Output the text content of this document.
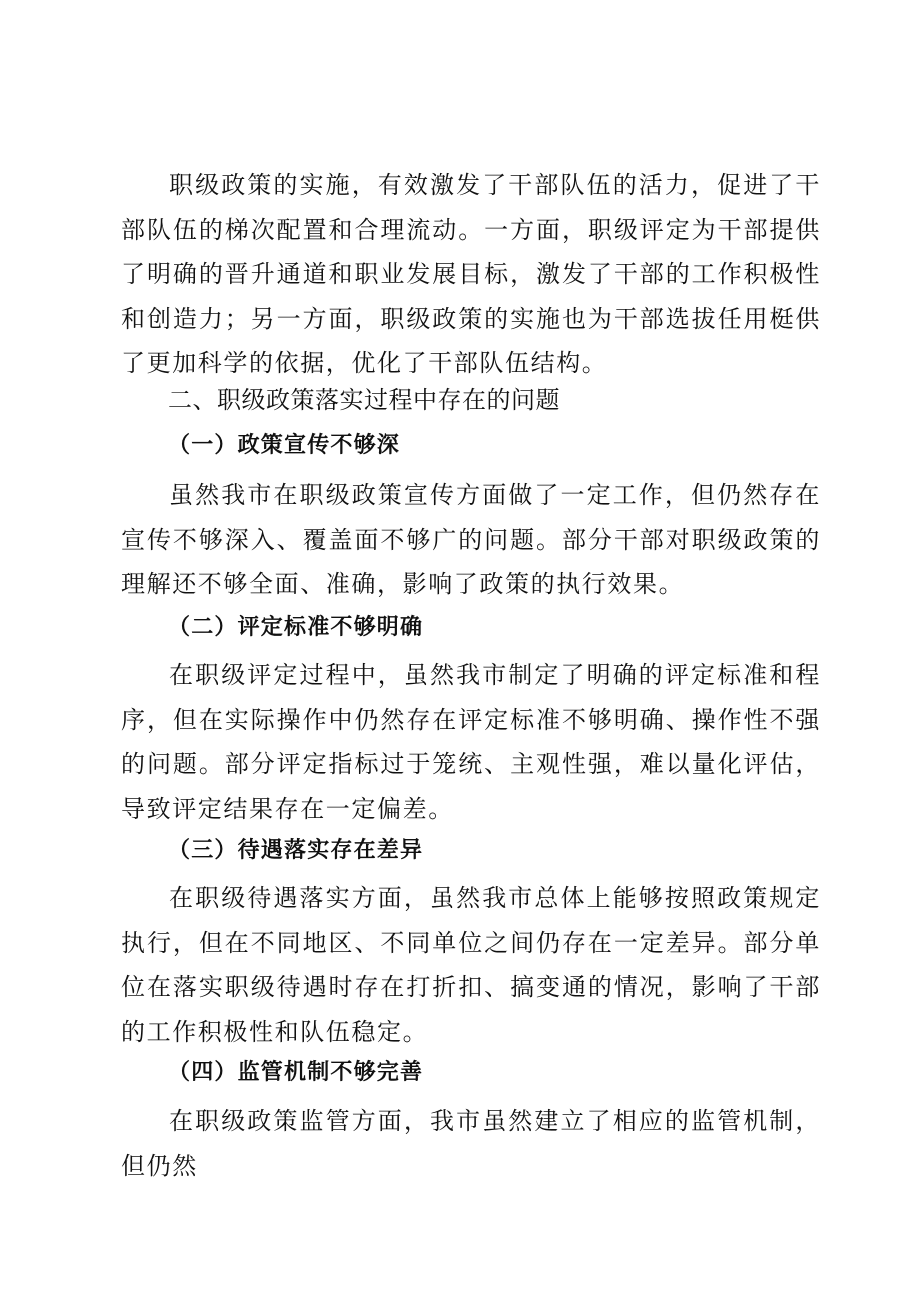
职级政策的实施，有效激发了干部队伍的活力，促进了干部队伍的梯次配置和合理流动。一方面，职级评定为干部提供了明确的晋升通道和职业发展目标，激发了干部的工作积极性和创造力；另一方面，职级政策的实施也为干部选拔任用梃供了更加科学的依据，优化了干部队伍结构。

二、职级政策落实过程中存在的问题

（一）政策宣传不够深

虽然我市在职级政策宣传方面做了一定工作，但仍然存在宣传不够深入、覆盖面不够广的问题。部分干部对职级政策的理解还不够全面、准确，影响了政策的执行效果。

（二）评定标准不够明确

在职级评定过程中，虽然我市制定了明确的评定标准和程序，但在实际操作中仍然存在评定标准不够明确、操作性不强的问题。部分评定指标过于笼统、主观性强，难以量化评估，导致评定结果存在一定偏差。

（三）待遇落实存在差异

在职级待遇落实方面，虽然我市总体上能够按照政策规定执行，但在不同地区、不同单位之间仍存在一定差异。部分单位在落实职级待遇时存在打折扣、搞变通的情况，影响了干部的工作积极性和队伍稳定。

（四）监管机制不够完善

在职级政策监管方面，我市虽然建立了相应的监管机制，但仍然
